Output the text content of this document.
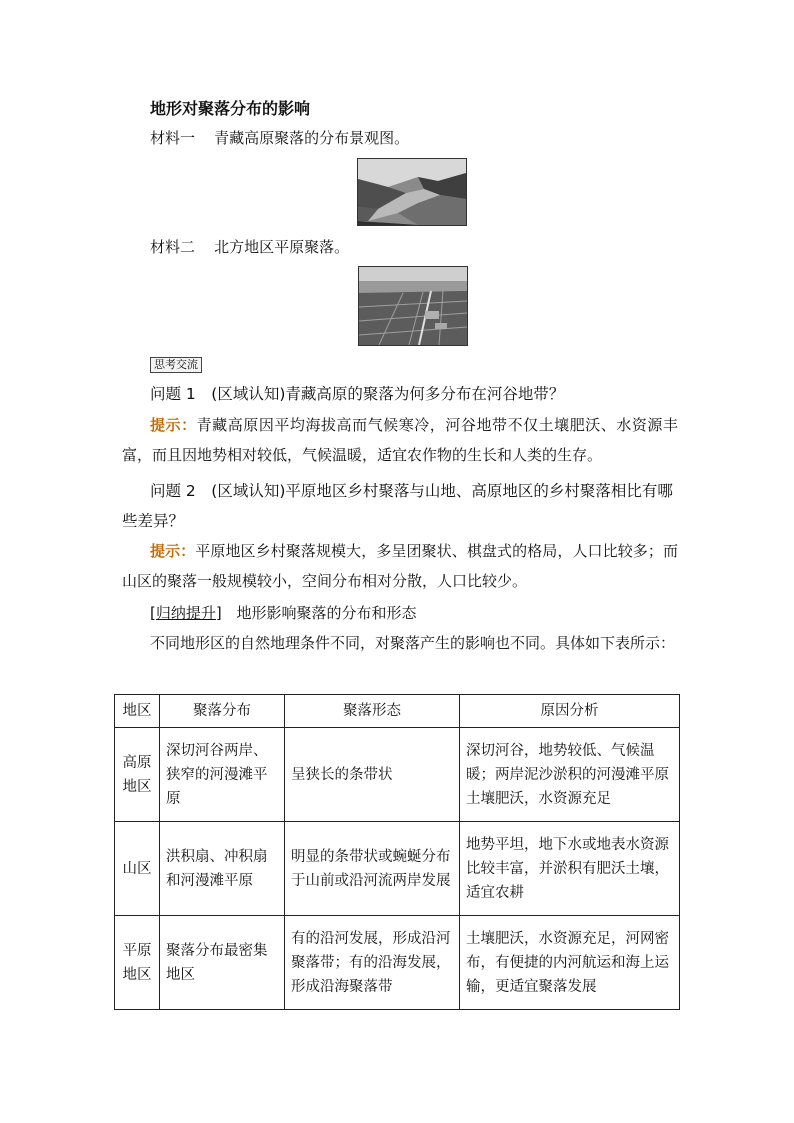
地形对聚落分布的影响
材料一 青藏高原聚落的分布景观图。
材料二 北方地区平原聚落。
思考交流
问题 1　(区域认知)青藏高原的聚落为何多分布在河谷地带？
提示：青藏高原因平均海拔高而气候寒冷，河谷地带不仅土壤肥沃、水资源丰富，而且因地势相对较低，气候温暖，适宜农作物的生长和人类的生存。
问题 2　(区域认知)平原地区乡村聚落与山地、高原地区的乡村聚落相比有哪些差异？
提示：平原地区乡村聚落规模大，多呈团聚状、棋盘式的格局，人口比较多；而山区的聚落一般规模较小，空间分布相对分散，人口比较少。
[归纳提升] 地形影响聚落的分布和形态
不同地形区的自然地理条件不同，对聚落产生的影响也不同。具体如下表所示：
地区	聚落分布	聚落形态	原因分析
高原地区	深切河谷两岸、狭窄的河漫滩平原	呈狭长的条带状	深切河谷，地势较低、气候温暖；两岸泥沙淤积的河漫滩平原土壤肥沃，水资源充足
山区	洪积扇、冲积扇和河漫滩平原	明显的条带状或蜿蜒分布于山前或沿河流两岸发展	地势平坦，地下水或地表水资源比较丰富，并淤积有肥沃土壤，适宜农耕
平原地区	聚落分布最密集地区	有的沿河发展，形成沿河聚落带；有的沿海发展，形成沿海聚落带	土壤肥沃，水资源充足，河网密布，有便捷的内河航运和海上运输，更适宜聚落发展
